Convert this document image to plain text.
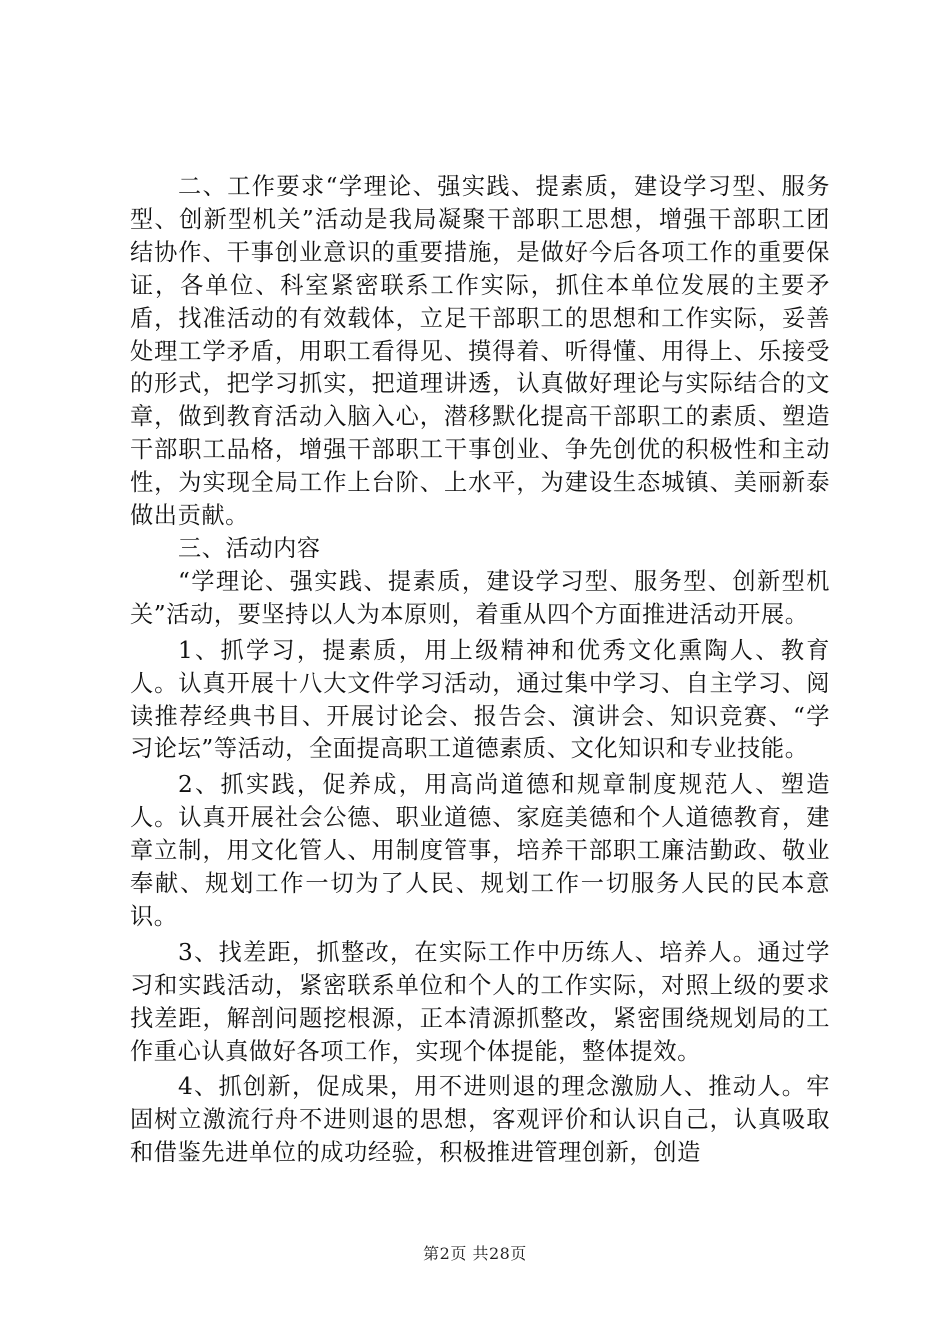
二、工作要求“学理论、强实践、提素质，建设学习型、服务型、创新型机关”活动是我局凝聚干部职工思想，增强干部职工团结协作、干事创业意识的重要措施，是做好今后各项工作的重要保证，各单位、科室紧密联系工作实际，抓住本单位发展的主要矛盾，找准活动的有效载体，立足干部职工的思想和工作实际，妥善处理工学矛盾，用职工看得见、摸得着、听得懂、用得上、乐接受的形式，把学习抓实，把道理讲透，认真做好理论与实际结合的文章，做到教育活动入脑入心，潜移默化提高干部职工的素质、塑造干部职工品格，增强干部职工干事创业、争先创优的积极性和主动性，为实现全局工作上台阶、上水平，为建设生态城镇、美丽新泰做出贡献。

三、活动内容

“学理论、强实践、提素质，建设学习型、服务型、创新型机关”活动，要坚持以人为本原则，着重从四个方面推进活动开展。

1、抓学习，提素质，用上级精神和优秀文化熏陶人、教育人。认真开展十八大文件学习活动，通过集中学习、自主学习、阅读推荐经典书目、开展讨论会、报告会、演讲会、知识竞赛、“学习论坛”等活动，全面提高职工道德素质、文化知识和专业技能。

2、抓实践，促养成，用高尚道德和规章制度规范人、塑造人。认真开展社会公德、职业道德、家庭美德和个人道德教育，建章立制，用文化管人、用制度管事，培养干部职工廉洁勤政、敬业奉献、规划工作一切为了人民、规划工作一切服务人民的民本意识。

3、找差距，抓整改，在实际工作中历练人、培养人。通过学习和实践活动，紧密联系单位和个人的工作实际，对照上级的要求找差距，解剖问题挖根源，正本清源抓整改，紧密围绕规划局的工作重心认真做好各项工作，实现个体提能，整体提效。

4、抓创新，促成果，用不进则退的理念激励人、推动人。牢固树立激流行舟不进则退的思想，客观评价和认识自己，认真吸取和借鉴先进单位的成功经验，积极推进管理创新，创造

第2页 共28页
